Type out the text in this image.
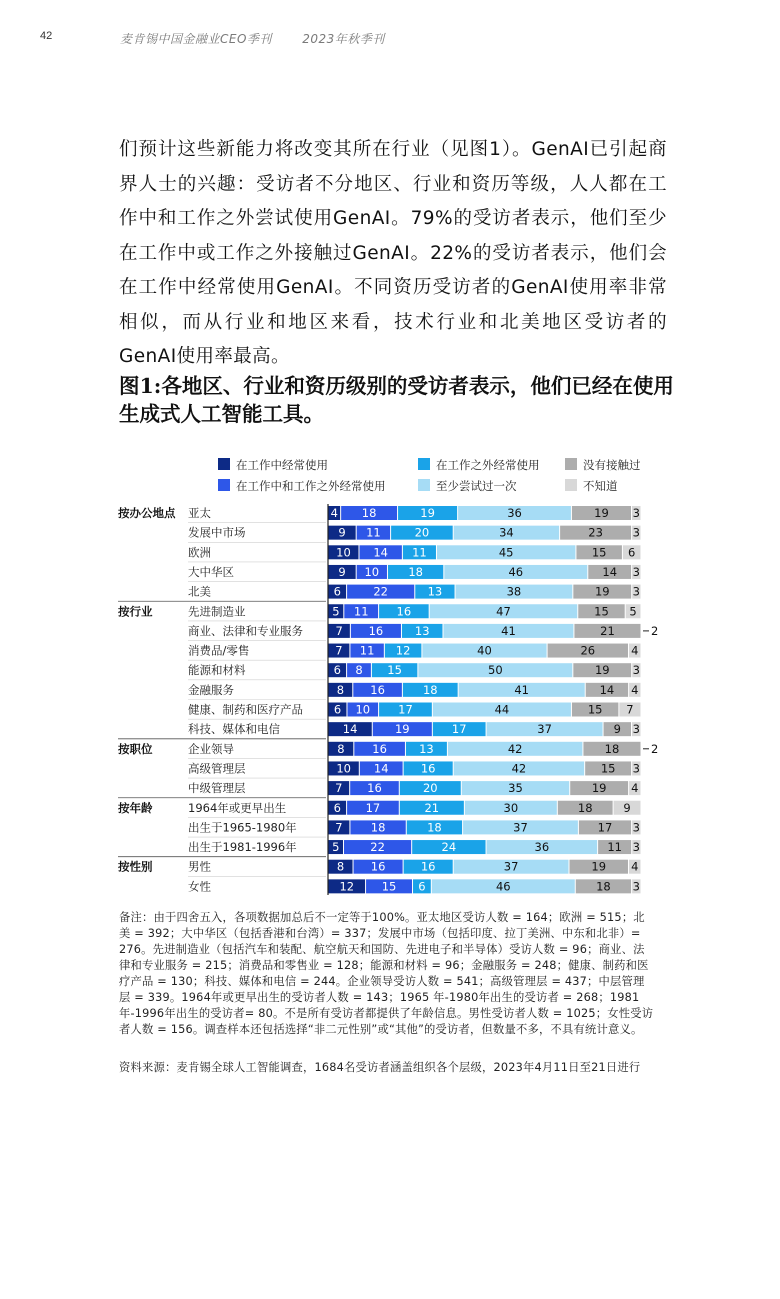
42	麦肯锡中国金融业CEO季刊	2023年秋季刊
们预计这些新能力将改变其所在行业（见图1）。GenAI已引起商界人士的兴趣：受访者不分地区、行业和资历等级，人人都在工作中和工作之外尝试使用GenAI。79%的受访者表示，他们至少在工作中或工作之外接触过GenAI。22%的受访者表示，他们会在工作中经常使用GenAI。不同资历受访者的GenAI使用率非常相似，而从行业和地区来看，技术行业和北美地区受访者的GenAI使用率最高。
图1:各地区、行业和资历级别的受访者表示，他们已经在使用生成式人工智能工具。
在工作中经常使用
在工作中和工作之外经常使用
在工作之外经常使用
至少尝试过一次
没有接触过
不知道
按办公地点 亚太	4 18	19	36	19 3
发展中市场	9 11	20	34	23	3
欧洲	10 14 11	45	15 6
大中华区	9 10	18	46	14 3
北美	6	22	13	38	19 3
按行业	先进制造业	5 11 16	47	15 5
商业、法律和专业服务	7 16	13	41	21	2
消费品/零售	7 11 12	40	26	4
能源和材料	6 8 15	50	19 3
金融服务	8 16	18	41	14 4
健康、制药和医疗产品	6 10 17	44	15 7
科技、媒体和电信	14	19	17	37	9 3
按职位	企业领导	8 16	13	42	18	2
高级管理层	10 14	16	42	15 3
中级管理层	7 16	20	35	19 4
按年龄	1964年或更早出生	6 17	21	30	18	9
出生于1965-1980年	7 18	18	37	17 3
出生于1981-1996年	5	22	24	36	11 3
按性别	男性	8 16	16	37	19 4
女性	12 15 6	46	18 3
备注：由于四舍五入，各项数据加总后不一定等于100%。亚太地区受访人数 = 164；欧洲 = 515；北美 = 392；大中华区（包括香港和台湾）= 337；发展中市场（包括印度、拉丁美洲、中东和北非）= 276。先进制造业（包括汽车和装配、航空航天和国防、先进电子和半导体）受访人数 = 96；商业、法律和专业服务 = 215；消费品和零售业 = 128；能源和材料 = 96；金融服务 = 248；健康、制药和医疗产品 = 130；科技、媒体和电信 = 244。企业领导受访人数 = 541；高级管理层 = 437；中层管理层 = 339。1964年或更早出生的受访者人数 = 143；1965 年-1980年出生的受访者 = 268；1981年-1996年出生的受访者= 80。不是所有受访者都提供了年龄信息。男性受访者人数 = 1025；女性受访者人数 = 156。调查样本还包括选择“非二元性别”或“其他”的受访者，但数量不多，不具有统计意义。
资料来源：麦肯锡全球人工智能调查，1684名受访者涵盖组织各个层级，2023年4月11日至21日进行
